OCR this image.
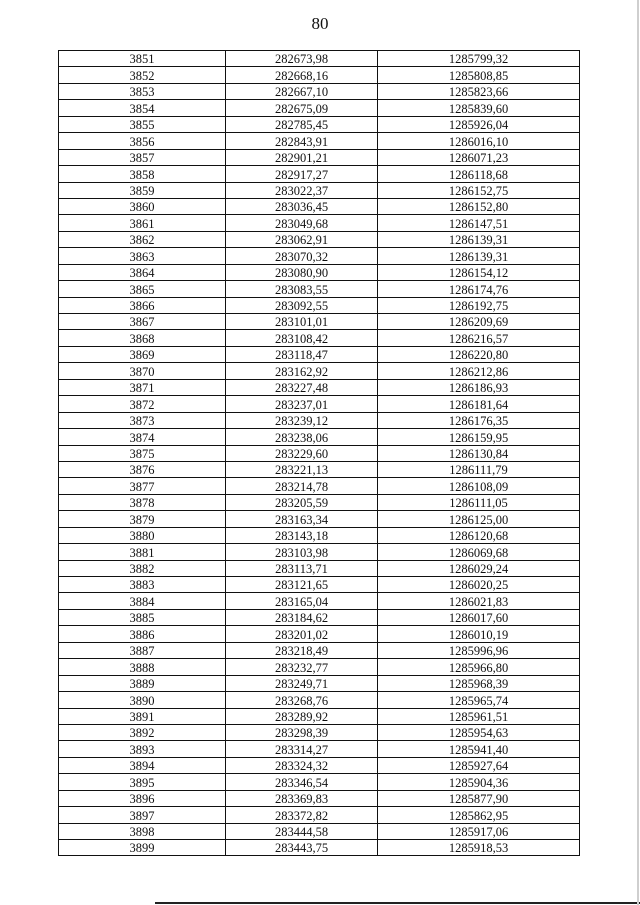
80
3851	282673,98	1285799,32
3852	282668,16	1285808,85
3853	282667,10	1285823,66
3854	282675,09	1285839,60
3855	282785,45	1285926,04
3856	282843,91	1286016,10
3857	282901,21	1286071,23
3858	282917,27	1286118,68
3859	283022,37	1286152,75
3860	283036,45	1286152,80
3861	283049,68	1286147,51
3862	283062,91	1286139,31
3863	283070,32	1286139,31
3864	283080,90	1286154,12
3865	283083,55	1286174,76
3866	283092,55	1286192,75
3867	283101,01	1286209,69
3868	283108,42	1286216,57
3869	283118,47	1286220,80
3870	283162,92	1286212,86
3871	283227,48	1286186,93
3872	283237,01	1286181,64
3873	283239,12	1286176,35
3874	283238,06	1286159,95
3875	283229,60	1286130,84
3876	283221,13	1286111,79
3877	283214,78	1286108,09
3878	283205,59	1286111,05
3879	283163,34	1286125,00
3880	283143,18	1286120,68
3881	283103,98	1286069,68
3882	283113,71	1286029,24
3883	283121,65	1286020,25
3884	283165,04	1286021,83
3885	283184,62	1286017,60
3886	283201,02	1286010,19
3887	283218,49	1285996,96
3888	283232,77	1285966,80
3889	283249,71	1285968,39
3890	283268,76	1285965,74
3891	283289,92	1285961,51
3892	283298,39	1285954,63
3893	283314,27	1285941,40
3894	283324,32	1285927,64
3895	283346,54	1285904,36
3896	283369,83	1285877,90
3897	283372,82	1285862,95
3898	283444,58	1285917,06
3899	283443,75	1285918,53
